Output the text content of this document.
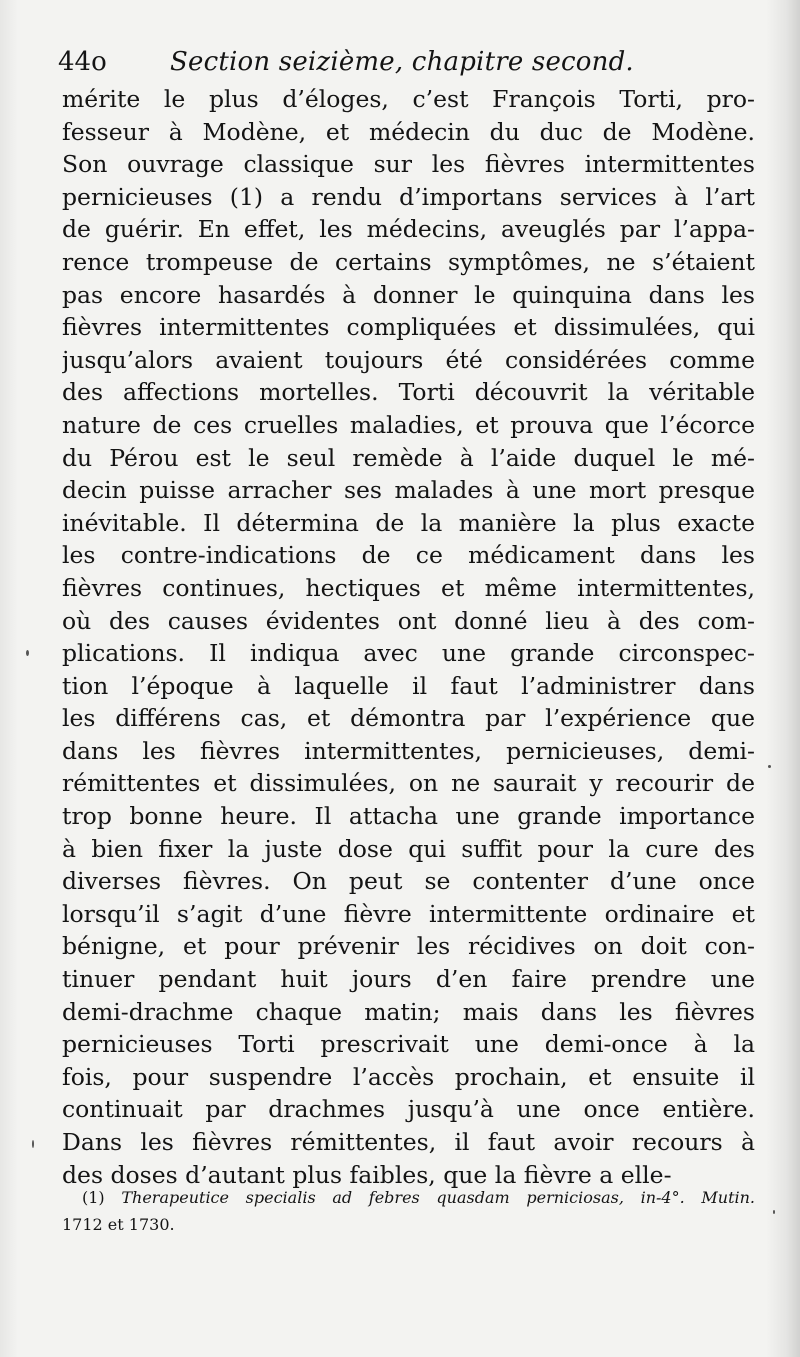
44o Section seizième, chapitre second.
mérite le plus d’éloges, c’est François Torti, pro-
fesseur à Modène, et médecin du duc de Modène.
Son ouvrage classique sur les fièvres intermittentes
pernicieuses (1) a rendu d’importans services à l’art
de guérir. En effet, les médecins, aveuglés par l’appa-
rence trompeuse de certains symptômes, ne s’étaient
pas encore hasardés à donner le quinquina dans les
fièvres intermittentes compliquées et dissimulées, qui
jusqu’alors avaient toujours été considérées comme
des affections mortelles. Torti découvrit la véritable
nature de ces cruelles maladies, et prouva que l’écorce
du Pérou est le seul remède à l’aide duquel le mé-
decin puisse arracher ses malades à une mort presque
inévitable. Il détermina de la manière la plus exacte
les contre-indications de ce médicament dans les
fièvres continues, hectiques et même intermittentes,
où des causes évidentes ont donné lieu à des com-
plications. Il indiqua avec une grande circonspec-
tion l’époque à laquelle il faut l’administrer dans
les différens cas, et démontra par l’expérience que
dans les fièvres intermittentes, pernicieuses, demi-
rémittentes et dissimulées, on ne saurait y recourir de
trop bonne heure. Il attacha une grande importance
à bien fixer la juste dose qui suffit pour la cure des
diverses fièvres. On peut se contenter d’une once
lorsqu’il s’agit d’une fièvre intermittente ordinaire et
bénigne, et pour prévenir les récidives on doit con-
tinuer pendant huit jours d’en faire prendre une
demi-drachme chaque matin; mais dans les fièvres
pernicieuses Torti prescrivait une demi-once à la
fois, pour suspendre l’accès prochain, et ensuite il
continuait par drachmes jusqu’à une once entière.
Dans les fièvres rémittentes, il faut avoir recours à
des doses d’autant plus faibles, que la fièvre a elle-
(1) Therapeutice specialis ad febres quasdam perniciosas, in-4°. Mutin.
1712 et 1730.
